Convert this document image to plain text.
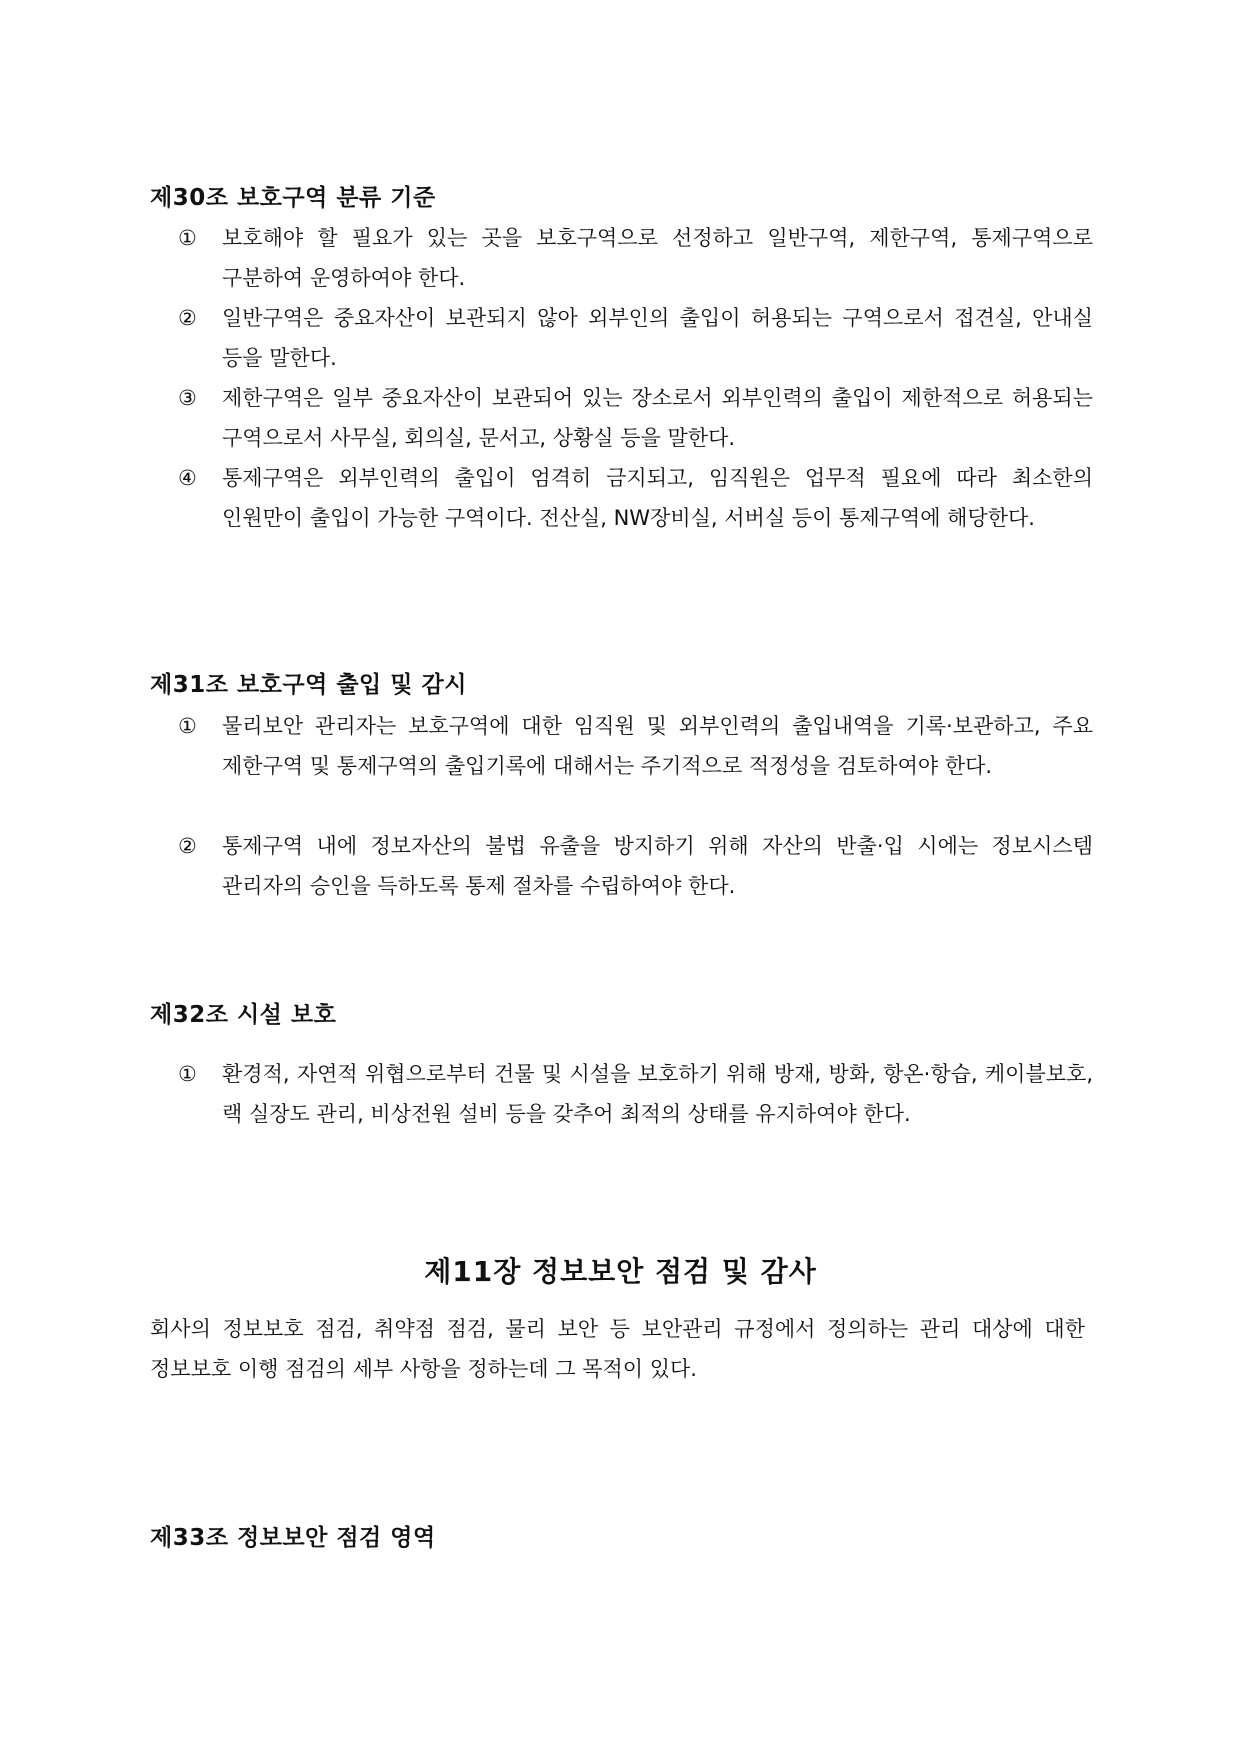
제30조 보호구역 분류 기준
①	보호해야 할 필요가 있는 곳을 보호구역으로 선정하고 일반구역, 제한구역, 통제구역으로 구분하여 운영하여야 한다.
②	일반구역은 중요자산이 보관되지 않아 외부인의 출입이 허용되는 구역으로서 접견실, 안내실 등을 말한다.
③	제한구역은 일부 중요자산이 보관되어 있는 장소로서 외부인력의 출입이 제한적으로 허용되는 구역으로서 사무실, 회의실, 문서고, 상황실 등을 말한다.
④	통제구역은 외부인력의 출입이 엄격히 금지되고, 임직원은 업무적 필요에 따라 최소한의 인원만이 출입이 가능한 구역이다. 전산실, NW장비실, 서버실 등이 통제구역에 해당한다.
제31조 보호구역 출입 및 감시
①	물리보안 관리자는 보호구역에 대한 임직원 및 외부인력의 출입내역을 기록·보관하고, 주요 제한구역 및 통제구역의 출입기록에 대해서는 주기적으로 적정성을 검토하여야 한다.
②	통제구역 내에 정보자산의 불법 유출을 방지하기 위해 자산의 반출·입 시에는 정보시스템 관리자의 승인을 득하도록 통제 절차를 수립하여야 한다.
제32조 시설 보호
①	환경적, 자연적 위협으로부터 건물 및 시설을 보호하기 위해 방재, 방화, 항온·항습, 케이블보호, 랙 실장도 관리, 비상전원 설비 등을 갖추어 최적의 상태를 유지하여야 한다.
제11장 정보보안 점검 및 감사
회사의 정보보호 점검, 취약점 점검, 물리 보안 등 보안관리 규정에서 정의하는 관리 대상에 대한 정보보호 이행 점검의 세부 사항을 정하는데 그 목적이 있다.
제33조 정보보안 점검 영역
